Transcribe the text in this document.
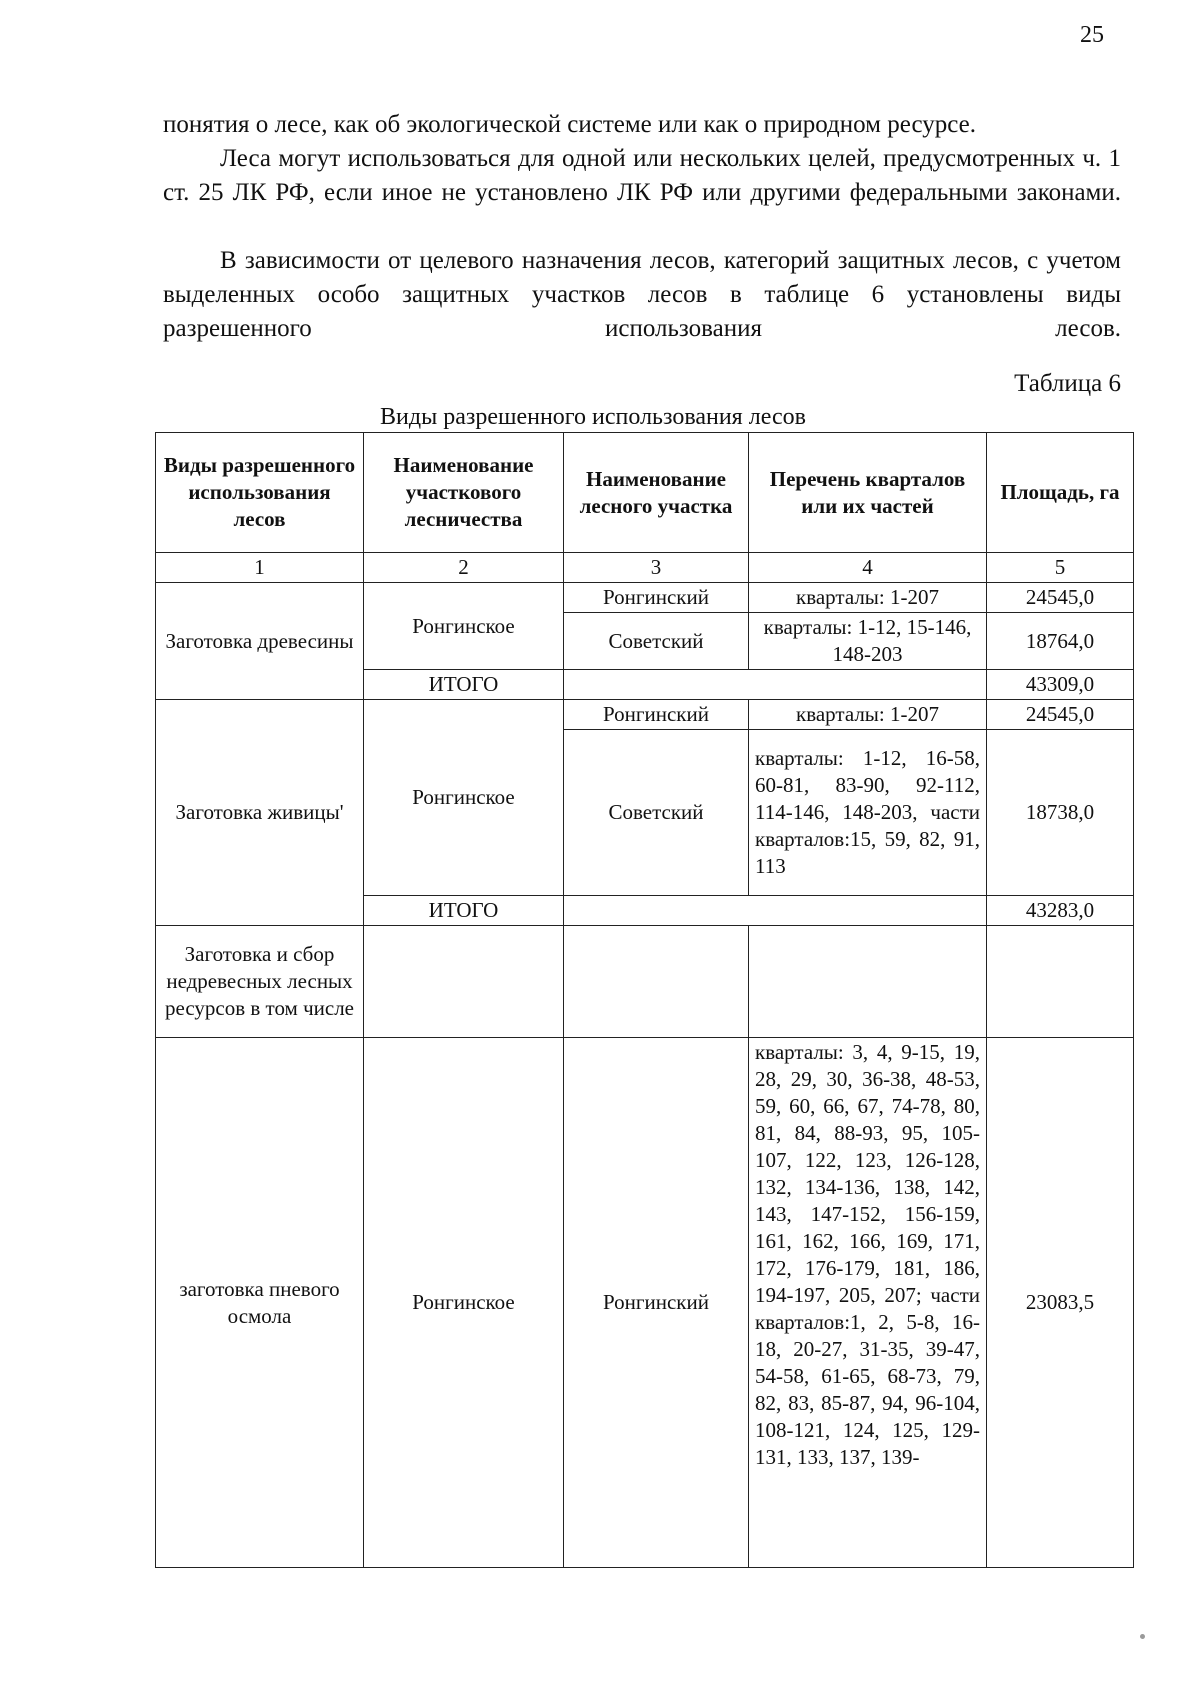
25

понятия о лесе, как об экологической системе или как о природном ресурсе.

Леса могут использоваться для одной или нескольких целей, предусмотренных ч. 1 ст. 25 ЛК РФ, если иное не установлено ЛК РФ или другими федеральными законами.

В зависимости от целевого назначения лесов, категорий защитных лесов, с учетом выделенных особо защитных участков лесов в таблице 6 установлены виды разрешенного использования лесов.

Таблица 6
Виды разрешенного использования лесов
Виды разрешенного использования лесов	Наименование участкового лесничества	Наименование лесного участка	Перечень кварталов или их частей	Площадь, га
1	2	3	4	5
Заготовка древесины	Ронгинское	Ронгинский	кварталы: 1-207	24545,0
		Советский	кварталы: 1-12, 15-146, 148-203	18764,0
	ИТОГО			43309,0
Заготовка живицы'	Ронгинское	Ронгинский	кварталы: 1-207	24545,0
		Советский	кварталы: 1-12, 16-58, 60-81, 83-90, 92-112, 114-146, 148-203, части кварталов:15, 59, 82, 91, 113	18738,0
	ИТОГО			43283,0
Заготовка и сбор недревесных лесных ресурсов в том числе				
заготовка пневого осмола	Ронгинское	Ронгинский	кварталы: 3, 4, 9-15, 19, 28, 29, 30, 36-38, 48-53, 59, 60, 66, 67, 74-78, 80, 81, 84, 88-93, 95, 105-107, 122, 123, 126-128, 132, 134-136, 138, 142, 143, 147-152, 156-159, 161, 162, 166, 169, 171, 172, 176-179, 181, 186, 194-197, 205, 207; части кварталов:1, 2, 5-8, 16-18, 20-27, 31-35, 39-47, 54-58, 61-65, 68-73, 79, 82, 83, 85-87, 94, 96-104, 108-121, 124, 125, 129-131, 133, 137, 139-	23083,5
